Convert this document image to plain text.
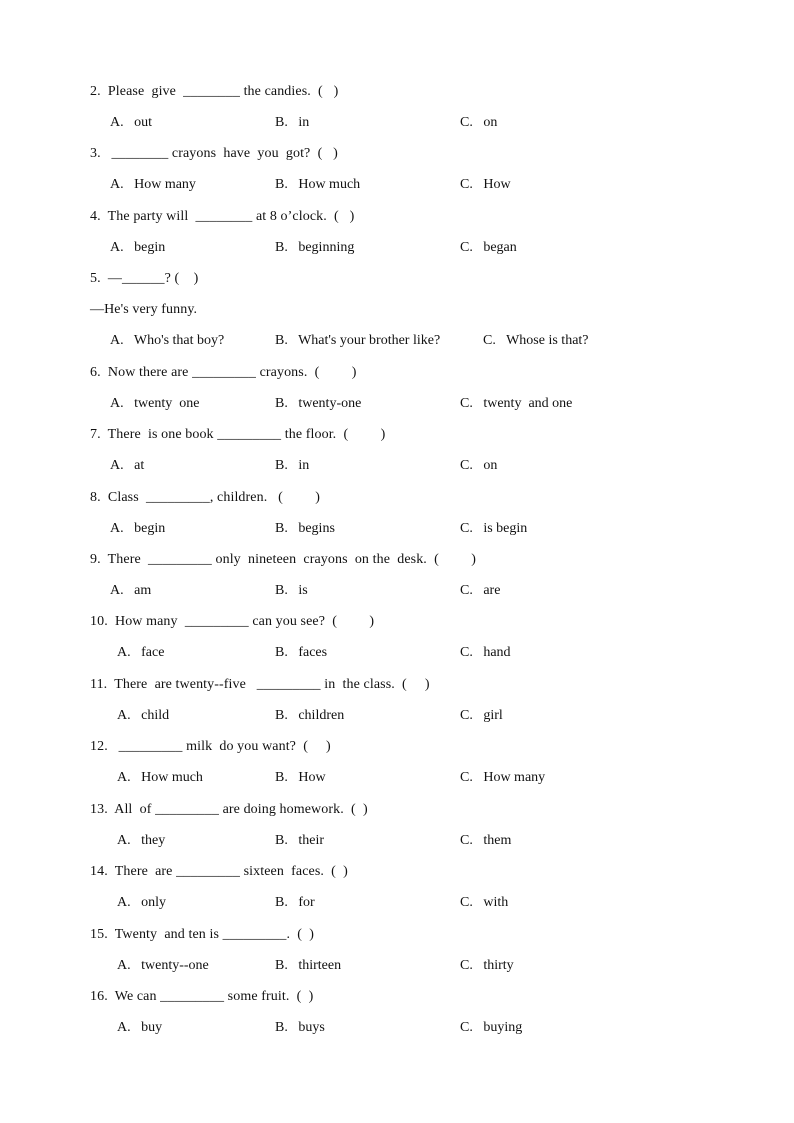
2.  Please  give  ________ the candies.  (   )
A.   out	B.   in	C.   on
3.   ________ crayons  have  you  got?  (   )
A.   How many	B.   How much	C.   How
4.  The party will  ________ at 8 o’clock.  (   )
A.   begin	B.   beginning	C.   began
5.  —______? (    )
—He's very funny.
A.   Who's that boy?	B.   What's your brother like?	C.   Whose is that?
6.  Now there are _________ crayons.  (         )
A.   twenty  one	B.   twenty-one	C.   twenty  and one
7.  There  is one book _________ the floor.  (         )
A.   at	B.   in	C.   on
8.  Class  _________, children.   (         )
A.   begin	B.   begins	C.   is begin
9.  There  _________ only  nineteen  crayons  on the  desk.  (         )
A.   am	B.   is	C.   are
10.  How many  _________ can you see?  (         )
A.   face	B.   faces	C.   hand
11.  There  are twenty--five   _________ in  the class.  (     )
A.   child	B.   children	C.   girl
12.   _________ milk  do you want?  (     )
A.   How much	B.   How	C.   How many
13.  All  of _________ are doing homework.  (  )
A.   they	B.   their	C.   them
14.  There  are _________ sixteen  faces.  (  )
A.   only	B.   for	C.   with
15.  Twenty  and ten is _________.  (  )
A.   twenty--one	B.   thirteen	C.   thirty
16.  We can _________ some fruit.  (  )
A.   buy	B.   buys	C.   buying
